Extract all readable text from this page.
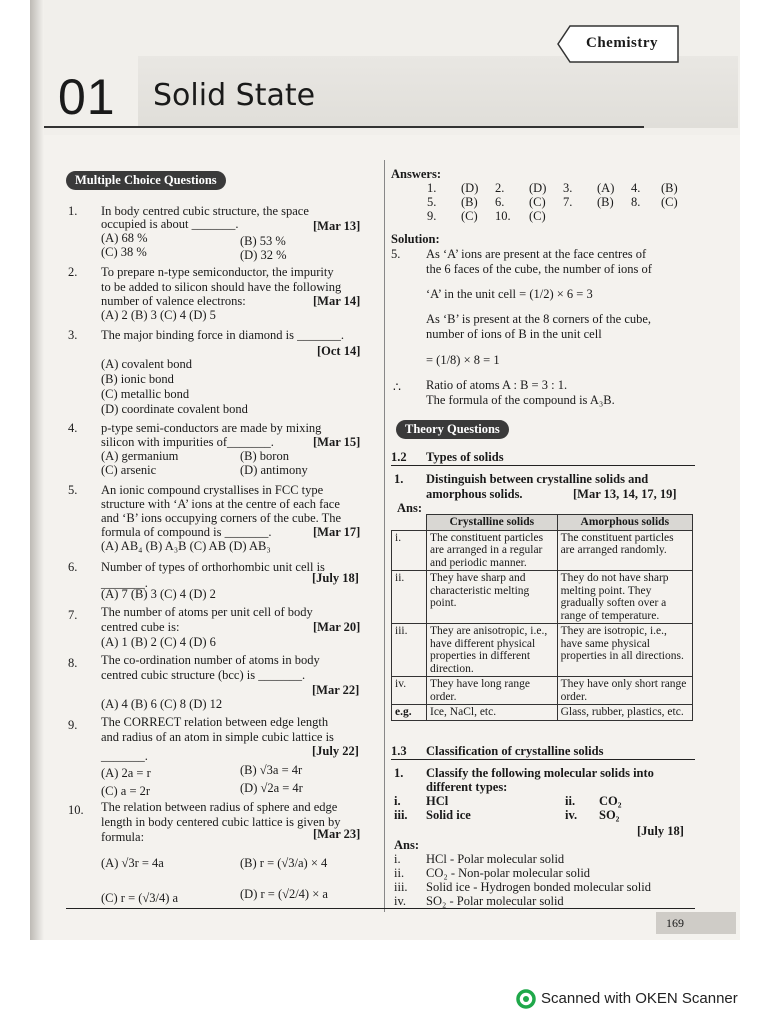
Chemistry
01 Solid State
Multiple Choice Questions
1. In body centred cubic structure, the space
occupied is about _______.	[Mar 13]
(A) 68 %	(B) 53 %
(C) 38 %	(D) 32 %
2. To prepare n-type semiconductor, the impurity
to be added to silicon should have the following
number of valence electrons:	[Mar 14]
(A) 2 (B) 3 (C) 4 (D) 5
3. The major binding force in diamond is _______.
[Oct 14]
(A) covalent bond
(B) ionic bond
(C) metallic bond
(D) coordinate covalent bond
4. p-type semi-conductors are made by mixing
silicon with impurities of_______.	[Mar 15]
(A) germanium	(B) boron
(C) arsenic	(D) antimony
5. An ionic compound crystallises in FCC type
structure with ‘A’ ions at the centre of each face
and ‘B’ ions occupying corners of the cube. The
formula of compound is _______.	[Mar 17]
(A) AB₄ (B) A₃B (C) AB (D) AB₃
6. Number of types of orthorhombic unit cell is
_______.	[July 18]
(A) 7 (B) 3 (C) 4 (D) 2
7. The number of atoms per unit cell of body
centred cube is:	[Mar 20]
(A) 1 (B) 2 (C) 4 (D) 6
8. The co-ordination number of atoms in body
centred cubic structure (bcc) is _______.
[Mar 22]
(A) 4 (B) 6 (C) 8 (D) 12
9. The CORRECT relation between edge length
and radius of an atom in simple cubic lattice is
[July 22]
_______.
(A) 2a = r	(B) √3a = 4r
(C) a = 2r	(D) √2a = 4r
10. The relation between radius of sphere and edge
length in body centered cubic lattice is given by
[Mar 23]
formula:
(A) √3r = 4a	(B) r = (√3/a) × 4
(C) r = (√3/4) a	(D) r = (√2/4) × a
Answers:
1. (D) 2. (D) 3. (A) 4. (B)
5. (B) 6. (C) 7. (B) 8. (C)
9. (C) 10. (C)
Solution:
5. As ‘A’ ions are present at the face centres of
the 6 faces of the cube, the number of ions of
‘A’ in the unit cell = (1/2) × 6 = 3
As ‘B’ is present at the 8 corners of the cube,
number of ions of B in the unit cell
= (1/8) × 8 = 1
∴ Ratio of atoms A : B = 3 : 1.
The formula of the compound is A₃B.
Theory Questions
1.2 Types of solids
1. Distinguish between crystalline solids and
amorphous solids.	[Mar 13, 14, 17, 19]
Ans:
	Crystalline solids	Amorphous solids
i.	The constituent particles are arranged in a regular and periodic manner.	The constituent particles are arranged randomly.
ii.	They have sharp and characteristic melting point.	They do not have sharp melting point. They gradually soften over a range of temperature.
iii.	They are anisotropic, i.e., have different physical properties in different direction.	They are isotropic, i.e., have same physical properties in all directions.
iv.	They have long range order.	They have only short range order.
e.g.	Ice, NaCl, etc.	Glass, rubber, plastics, etc.
1.3 Classification of crystalline solids
1. Classify the following molecular solids into
different types:
i. HCl	ii. CO₂
iii. Solid ice	iv. SO₂
[July 18]
Ans:
i. HCl - Polar molecular solid
ii. CO₂ - Non-polar molecular solid
iii. Solid ice - Hydrogen bonded molecular solid
iv. SO₂ - Polar molecular solid
169
Scanned with OKEN Scanner
